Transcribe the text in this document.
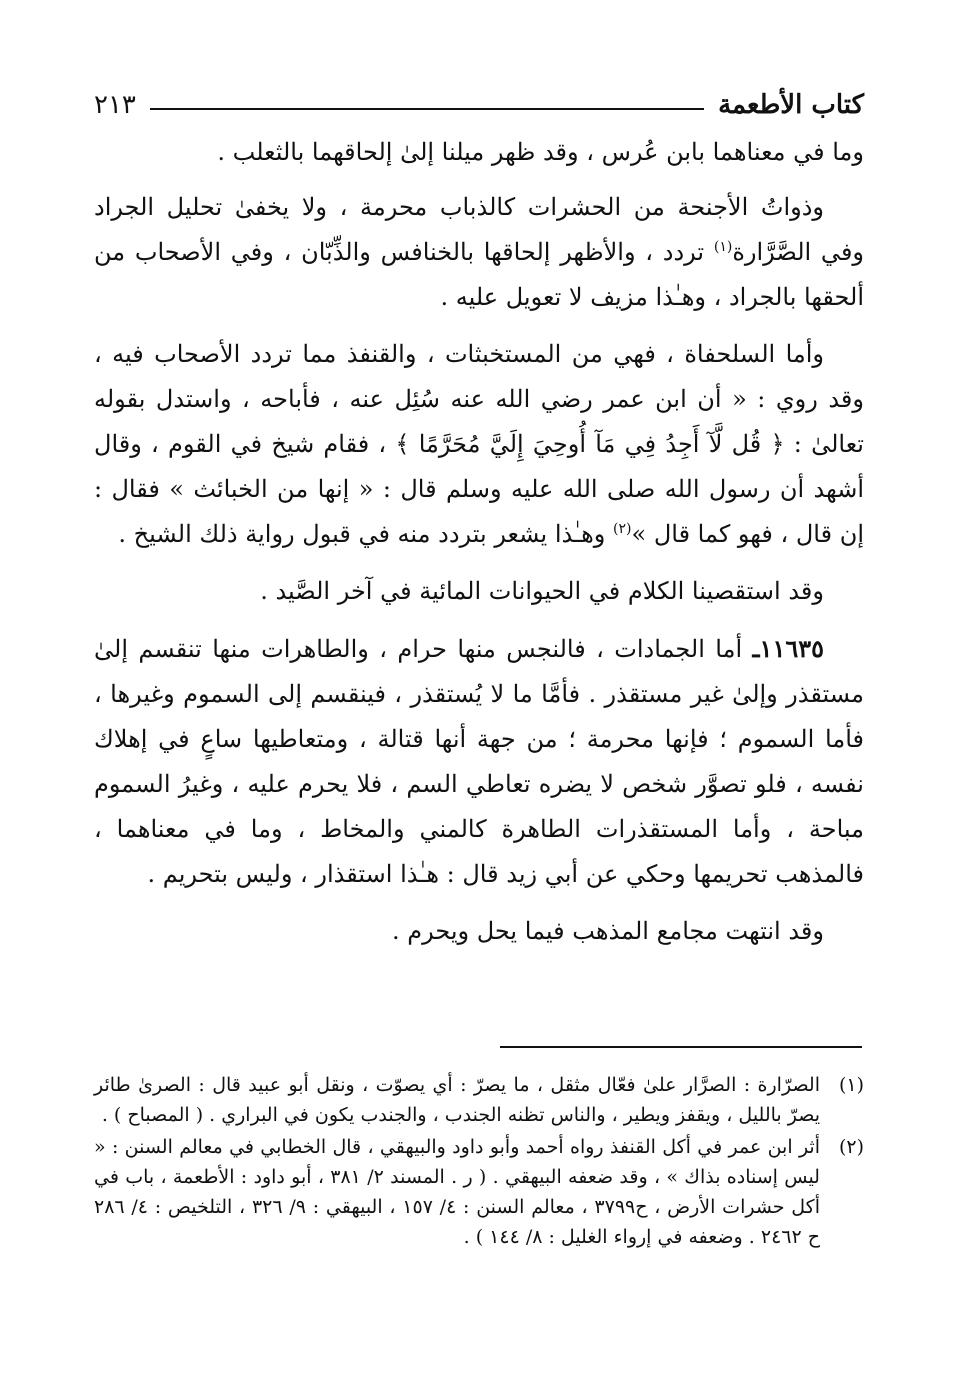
كتاب الأطعمة
٢١٣

وما في معناهما بابن عُرس ، وقد ظهر ميلنا إلىٰ إلحاقهما بالثعلب .

وذواتُ الأجنحة من الحشرات كالذباب محرمة ، ولا يخفىٰ تحليل الجراد وفي الصَّرَّارة$^{(١)}$ تردد ، والأظهر إلحاقها بالخنافس والذِّبّان ، وفي الأصحاب من ألحقها بالجراد ، وهـٰذا مزيف لا تعويل عليه .

وأما السلحفاة ، فهي من المستخبثات ، والقنفذ مما تردد الأصحاب فيه ، وقد روي : « أن ابن عمر رضي الله عنه سُئِل عنه ، فأباحه ، واستدل بقوله تعالىٰ : ﴿ قُل لَّآ أَجِدُ فِي مَآ أُوحِيَ إِلَيَّ مُحَرَّمًا ﴾ ، فقام شيخ في القوم ، وقال أشهد أن رسول الله صلى الله عليه وسلم قال : « إنها من الخبائث » فقال : إن قال ، فهو كما قال »$^{(٢)}$ وهـٰذا يشعر بتردد منه في قبول رواية ذلك الشيخ .

وقد استقصينا الكلام في الحيوانات المائية في آخر الصَّيد .

١١٦٣٥ـ أما الجمادات ، فالنجس منها حرام ، والطاهرات منها تنقسم إلىٰ مستقذر وإلىٰ غير مستقذر . فأمَّا ما لا يُستقذر ، فينقسم إلى السموم وغيرها ، فأما السموم ؛ فإنها محرمة ؛ من جهة أنها قتالة ، ومتعاطيها ساعٍ في إهلاك نفسه ، فلو تصوَّر شخص لا يضره تعاطي السم ، فلا يحرم عليه ، وغيرُ السموم مباحة ، وأما المستقذرات الطاهرة كالمني والمخاط ، وما في معناهما ، فالمذهب تحريمها وحكي عن أبي زيد قال : هـٰذا استقذار ، وليس بتحريم .

وقد انتهت مجامع المذهب فيما يحل ويحرم .

(١)
الصرّارة : الصرَّار علىٰ فعّال مثقل ، ما يصرّ : أي يصوّت ، ونقل أبو عبيد قال : الصرىٰ طائر يصرّ بالليل ، ويقفز ويطير ، والناس تظنه الجندب ، والجندب يكون في البراري . ( المصباح ) .
(٢)
أثر ابن عمر في أكل القنفذ رواه أحمد وأبو داود والبيهقي ، قال الخطابي في معالم السنن : « ليس إسناده بذاك » ، وقد ضعفه البيهقي . ( ر . المسند ٢/ ٣٨١ ، أبو داود : الأطعمة ، باب في أكل حشرات الأرض ، ح٣٧٩٩ ، معالم السنن : ٤/ ١٥٧ ، البيهقي : ٩/ ٣٢٦ ، التلخيص : ٤/ ٢٨٦ ح ٢٤٦٢ . وضعفه في إرواء الغليل : ٨/ ١٤٤ ) .
